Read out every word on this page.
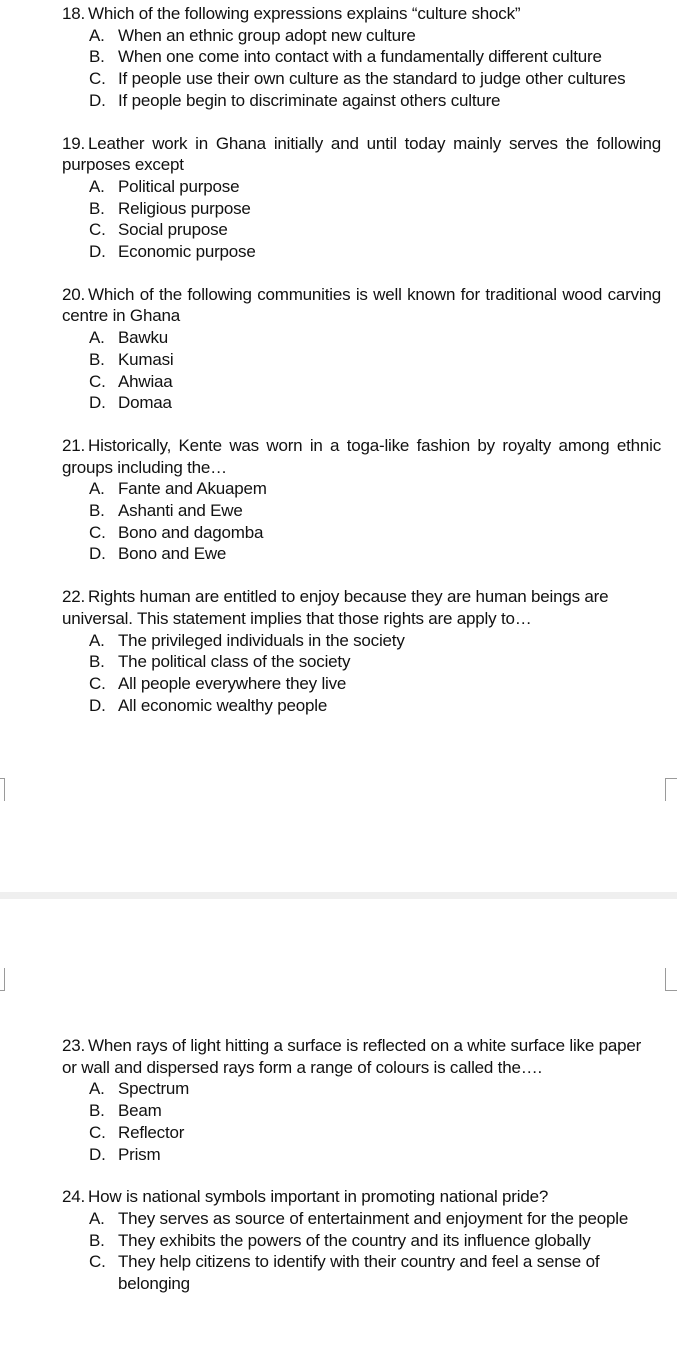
18. Which of the following expressions explains “culture shock”

A. When an ethnic group adopt new culture
B. When one come into contact with a fundamentally different culture
C. If people use their own culture as the standard to judge other cultures
D. If people begin to discriminate against others culture

19. Leather work in Ghana initially and until today mainly serves the following purposes except

A. Political purpose
B. Religious purpose
C. Social prupose
D. Economic purpose

20. Which of the following communities is well known for traditional wood carving centre in Ghana

A. Bawku
B. Kumasi
C. Ahwiaa
D. Domaa

21. Historically, Kente was worn in a toga-like fashion by royalty among ethnic groups including the…

A. Fante and Akuapem
B. Ashanti and Ewe
C. Bono and dagomba
D. Bono and Ewe

22. Rights human are entitled to enjoy because they are human beings are universal. This statement implies that those rights are apply to…

A. The privileged individuals in the society
B. The political class of the society
C. All people everywhere they live
D. All economic wealthy people

23. When rays of light hitting a surface is reflected on a white surface like paper or wall and dispersed rays form a range of colours is called the….

A. Spectrum
B. Beam
C. Reflector
D. Prism

24. How is national symbols important in promoting national pride?

A. They serves as source of entertainment and enjoyment for the people
B. They exhibits the powers of the country and its influence globally
C. They help citizens to identify with their country and feel a sense of belonging
